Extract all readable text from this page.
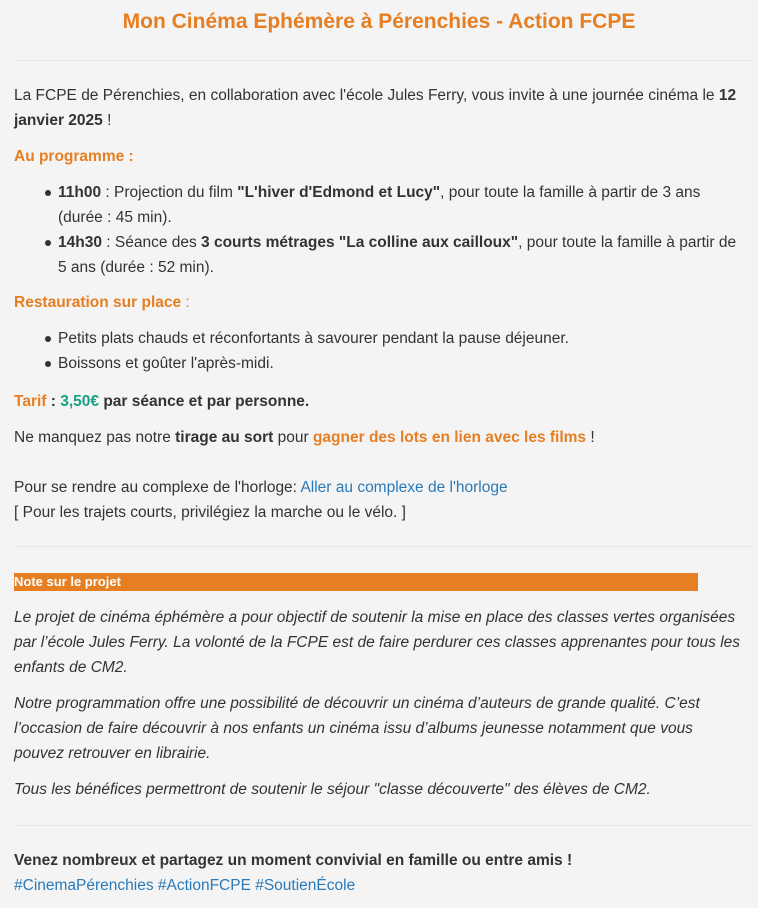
Mon Cinéma Ephémère à Pérenchies - Action FCPE
La FCPE de Pérenchies, en collaboration avec l'école Jules Ferry, vous invite à une journée cinéma le 12 janvier 2025 !
Au programme :
11h00 : Projection du film "L'hiver d'Edmond et Lucy", pour toute la famille à partir de 3 ans (durée : 45 min).
14h30 : Séance des 3 courts métrages "La colline aux cailloux", pour toute la famille à partir de 5 ans (durée : 52 min).
Restauration sur place :
Petits plats chauds et réconfortants à savourer pendant la pause déjeuner.
Boissons et goûter l'après-midi.
Tarif : 3,50€ par séance et par personne.
Ne manquez pas notre tirage au sort pour gagner des lots en lien avec les films !
Pour se rendre au complexe de l'horloge: Aller au complexe de l'horloge
[ Pour les trajets courts, privilégiez la marche ou le vélo. ]
Note sur le projet
Le projet de cinéma éphémère a pour objectif de soutenir la mise en place des classes vertes organisées par l’école Jules Ferry. La volonté de la FCPE est de faire perdurer ces classes apprenantes pour tous les enfants de CM2.
Notre programmation offre une possibilité de découvrir un cinéma d’auteurs de grande qualité. C’est l’occasion de faire découvrir à nos enfants un cinéma issu d’albums jeunesse notamment que vous pouvez retrouver en librairie.
Tous les bénéfices permettront de soutenir le séjour "classe découverte" des élèves de CM2.
Venez nombreux et partagez un moment convivial en famille ou entre amis !
#CinemaPérenchies #ActionFCPE #SoutienÉcole
